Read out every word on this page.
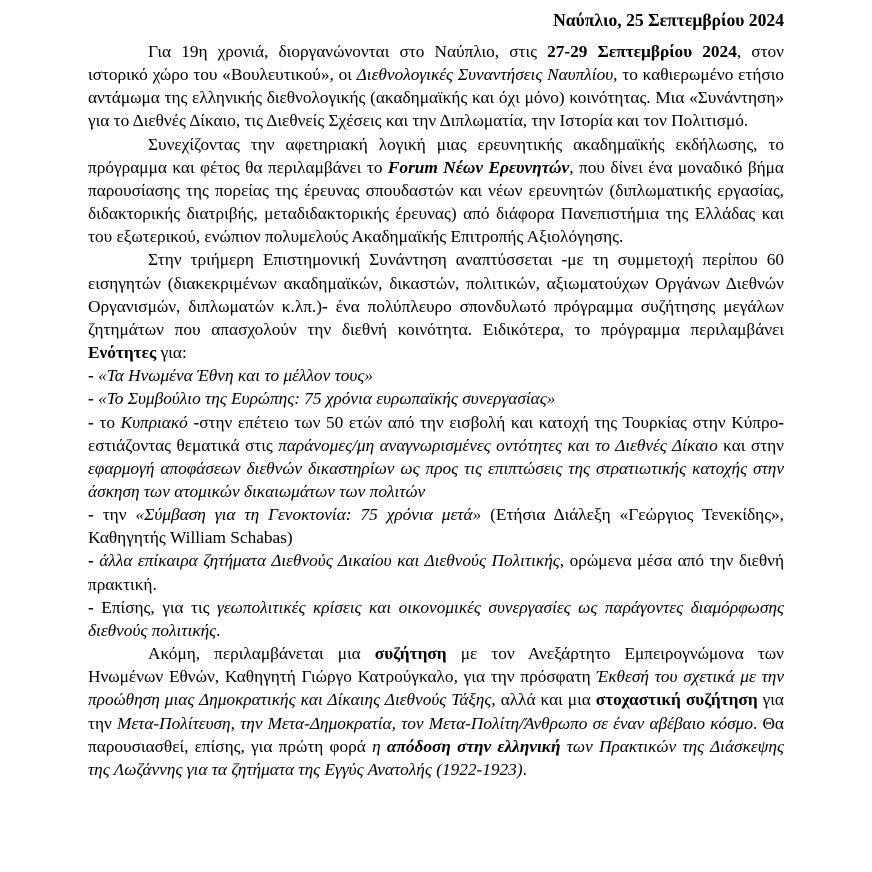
Ναύπλιο, 25 Σεπτεμβρίου 2024

Για 19η χρονιά, διοργανώνονται στο Ναύπλιο, στις 27-29 Σεπτεμβρίου 2024, στον ιστορικό χώρο του «Βουλευτικού», οι Διεθνολογικές Συναντήσεις Ναυπλίου, το καθιερωμένο ετήσιο αντάμωμα της ελληνικής διεθνολογικής (ακαδημαϊκής και όχι μόνο) κοινότητας. Μια «Συνάντηση» για το Διεθνές Δίκαιο, τις Διεθνείς Σχέσεις και την Διπλωματία, την Ιστορία και τον Πολιτισμό.

Συνεχίζοντας την αφετηριακή λογική μιας ερευνητικής ακαδημαϊκής εκδήλωσης, το πρόγραμμα και φέτος θα περιλαμβάνει το Forum Νέων Ερευνητών, που δίνει ένα μοναδικό βήμα παρουσίασης της πορείας της έρευνας σπουδαστών και νέων ερευνητών (διπλωματικής εργασίας, διδακτορικής διατριβής, μεταδιδακτορικής έρευνας) από διάφορα Πανεπιστήμια της Ελλάδας και του εξωτερικού, ενώπιον πολυμελούς Ακαδημαϊκής Επιτροπής Αξιολόγησης.

Στην τριήμερη Επιστημονική Συνάντηση αναπτύσσεται -με τη συμμετοχή περίπου 60 εισηγητών (διακεκριμένων ακαδημαϊκών, δικαστών, πολιτικών, αξιωματούχων Οργάνων Διεθνών Οργανισμών, διπλωματών κ.λπ.)- ένα πολύπλευρο σπονδυλωτό πρόγραμμα συζήτησης μεγάλων ζητημάτων που απασχολούν την διεθνή κοινότητα. Ειδικότερα, το πρόγραμμα περιλαμβάνει Ενότητες για:

- «Τα Ηνωμένα Έθνη και το μέλλον τους»

- «Το Συμβούλιο της Ευρώπης: 75 χρόνια ευρωπαϊκής συνεργασίας»

- το Κυπριακό -στην επέτειο των 50 ετών από την εισβολή και κατοχή της Τουρκίας στην Κύπρο- εστιάζοντας θεματικά στις παράνομες/μη αναγνωρισμένες οντότητες και το Διεθνές Δίκαιο και στην εφαρμογή αποφάσεων διεθνών δικαστηρίων ως προς τις επιπτώσεις της στρατιωτικής κατοχής στην άσκηση των ατομικών δικαιωμάτων των πολιτών

- την «Σύμβαση για τη Γενοκτονία: 75 χρόνια μετά» (Ετήσια Διάλεξη «Γεώργιος Τενεκίδης», Καθηγητής William Schabas)

- άλλα επίκαιρα ζητήματα Διεθνούς Δικαίου και Διεθνούς Πολιτικής, ορώμενα μέσα από την διεθνή πρακτική.

- Επίσης, για τις γεωπολιτικές κρίσεις και οικονομικές συνεργασίες ως παράγοντες διαμόρφωσης διεθνούς πολιτικής.

Ακόμη, περιλαμβάνεται μια συζήτηση με τον Ανεξάρτητο Εμπειρογνώμονα των Ηνωμένων Εθνών, Καθηγητή Γιώργο Κατρούγκαλο, για την πρόσφατη Έκθεσή του σχετικά με την προώθηση μιας Δημοκρατικής και Δίκαιης Διεθνούς Τάξης, αλλά και μια στοχαστική συζήτηση για την Μετα-Πολίτευση, την Μετα-Δημοκρατία, τον Μετα-Πολίτη/Άνθρωπο σε έναν αβέβαιο κόσμο. Θα παρουσιασθεί, επίσης, για πρώτη φορά η απόδοση στην ελληνική των Πρακτικών της Διάσκεψης της Λωζάννης για τα ζητήματα της Εγγύς Ανατολής (1922-1923).
